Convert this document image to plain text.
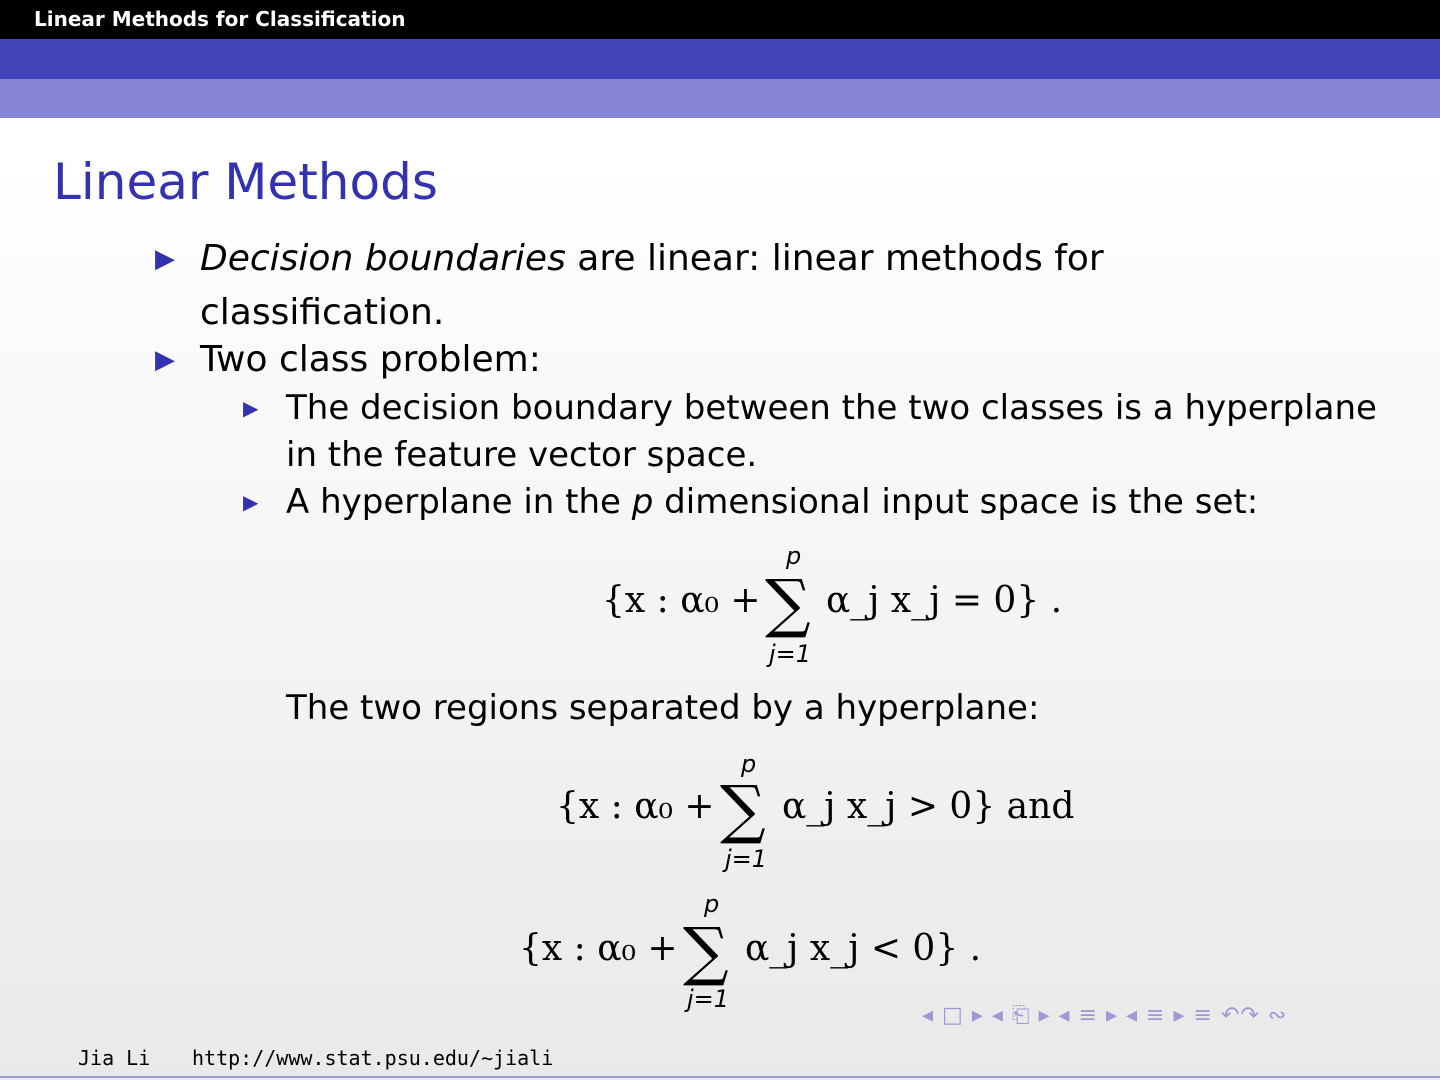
Linear Methods for Classification
Linear Methods
▶ Decision boundaries are linear: linear methods for
classification.
▶ Two class problem:
▶ The decision boundary between the two classes is a hyperplane
in the feature vector space.
▶ A hyperplane in the p dimensional input space is the set:
{x : α₀ + ∑
p
j=1
α_j x_j = 0} .
The two regions separated by a hyperplane:
{x : α₀ + ∑
p
j=1
α_j x_j > 0} and
{x : α₀ + ∑
p
j=1
α_j x_j < 0} .
◂ □ ▸ ◂ ⎗ ▸ ◂ ≡ ▸ ◂ ≡ ▸ ≡ ↶↷ ∾
Jia Li http://www.stat.psu.edu/∼jiali
